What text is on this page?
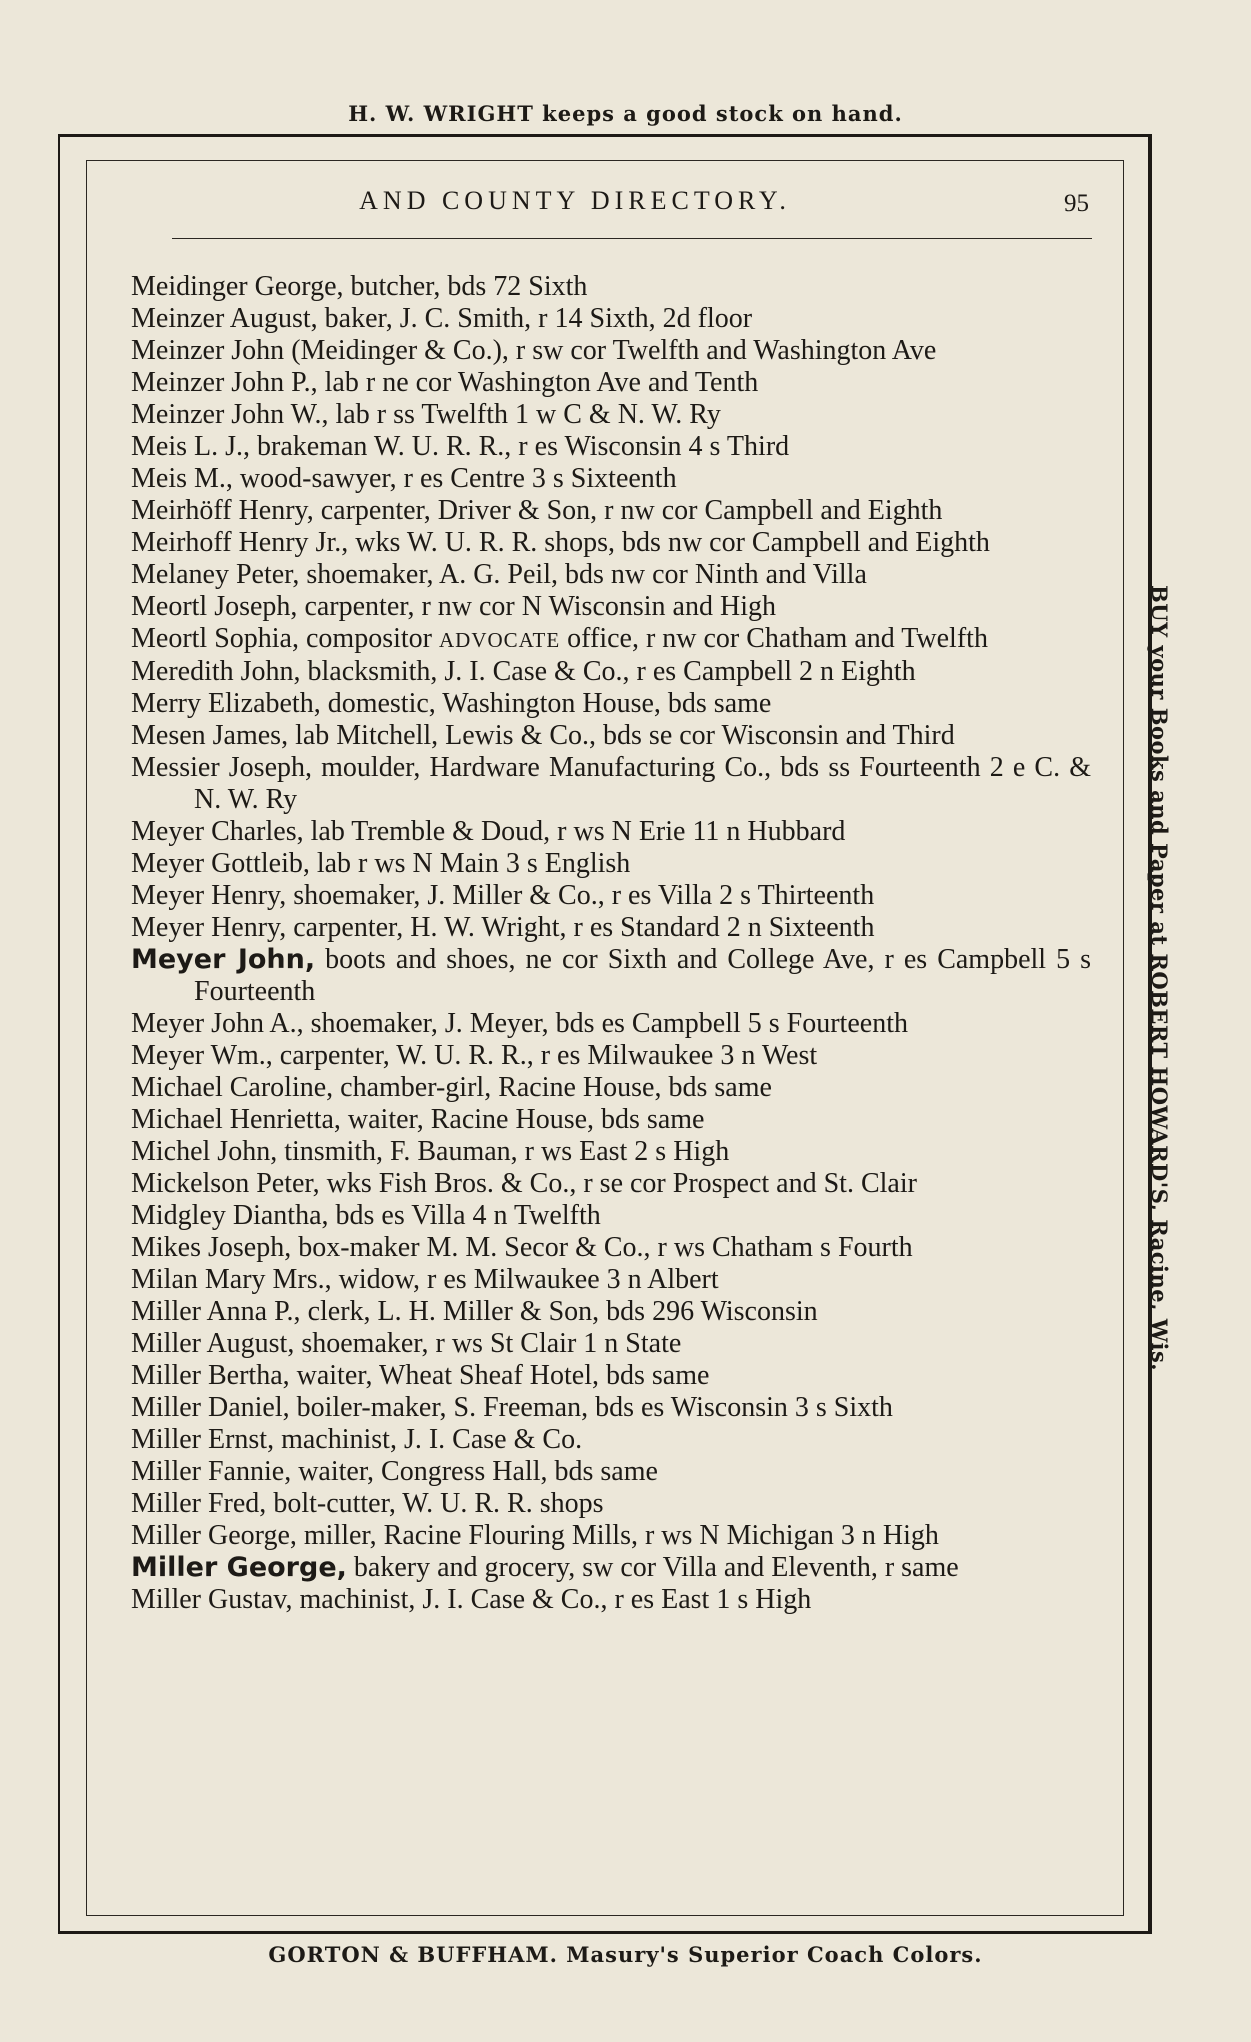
H. W. WRIGHT keeps a good stock on hand.
AND COUNTY DIRECTORY.	95
Meidinger George, butcher, bds 72 Sixth
Meinzer August, baker, J. C. Smith, r 14 Sixth, 2d floor
Meinzer John (Meidinger & Co.), r sw cor Twelfth and Washington Ave
Meinzer John P., lab r ne cor Washington Ave and Tenth
Meinzer John W., lab r ss Twelfth 1 w C & N. W. Ry
Meis L. J., brakeman W. U. R. R., r es Wisconsin 4 s Third
Meis M., wood-sawyer, r es Centre 3 s Sixteenth
Meirhöff Henry, carpenter, Driver & Son, r nw cor Campbell and Eighth
Meirhoff Henry Jr., wks W. U. R. R. shops, bds nw cor Campbell and Eighth
Melaney Peter, shoemaker, A. G. Peil, bds nw cor Ninth and Villa
Meortl Joseph, carpenter, r nw cor N Wisconsin and High
Meortl Sophia, compositor ADVOCATE office, r nw cor Chatham and Twelfth
Meredith John, blacksmith, J. I. Case & Co., r es Campbell 2 n Eighth
Merry Elizabeth, domestic, Washington House, bds same
Mesen James, lab Mitchell, Lewis & Co., bds se cor Wisconsin and Third
Messier Joseph, moulder, Hardware Manufacturing Co., bds ss Fourteenth 2 e C. & N. W. Ry
Meyer Charles, lab Tremble & Doud, r ws N Erie 11 n Hubbard
Meyer Gottleib, lab r ws N Main 3 s English
Meyer Henry, shoemaker, J. Miller & Co., r es Villa 2 s Thirteenth
Meyer Henry, carpenter, H. W. Wright, r es Standard 2 n Sixteenth
Meyer John, boots and shoes, ne cor Sixth and College Ave, r es Campbell 5 s Fourteenth
Meyer John A., shoemaker, J. Meyer, bds es Campbell 5 s Fourteenth
Meyer Wm., carpenter, W. U. R. R., r es Milwaukee 3 n West
Michael Caroline, chamber-girl, Racine House, bds same
Michael Henrietta, waiter, Racine House, bds same
Michel John, tinsmith, F. Bauman, r ws East 2 s High
Mickelson Peter, wks Fish Bros. & Co., r se cor Prospect and St. Clair
Midgley Diantha, bds es Villa 4 n Twelfth
Mikes Joseph, box-maker M. M. Secor & Co., r ws Chatham s Fourth
Milan Mary Mrs., widow, r es Milwaukee 3 n Albert
Miller Anna P., clerk, L. H. Miller & Son, bds 296 Wisconsin
Miller August, shoemaker, r ws St Clair 1 n State
Miller Bertha, waiter, Wheat Sheaf Hotel, bds same
Miller Daniel, boiler-maker, S. Freeman, bds es Wisconsin 3 s Sixth
Miller Ernst, machinist, J. I. Case & Co.
Miller Fannie, waiter, Congress Hall, bds same
Miller Fred, bolt-cutter, W. U. R. R. shops
Miller George, miller, Racine Flouring Mills, r ws N Michigan 3 n High
Miller George, bakery and grocery, sw cor Villa and Eleventh, r same
Miller Gustav, machinist, J. I. Case & Co., r es East 1 s High
BUY your Books and Paper at ROBERT HOWARD'S, Racine, Wis.
GORTON & BUFFHAM. Masury's Superior Coach Colors.
